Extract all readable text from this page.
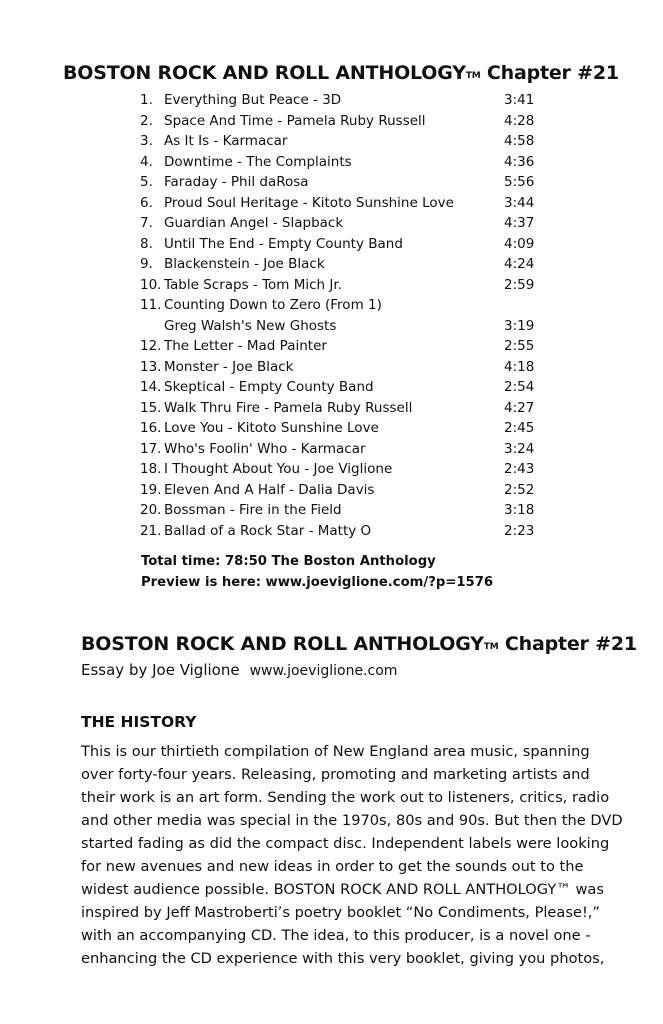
BOSTON ROCK AND ROLL ANTHOLOGYTM Chapter #21
1. Everything But Peace - 3D	3:41
2. Space And Time - Pamela Ruby Russell	4:28
3. As It Is - Karmacar	4:58
4. Downtime - The Complaints	4:36
5. Faraday - Phil daRosa	5:56
6. Proud Soul Heritage - Kitoto Sunshine Love	3:44
7. Guardian Angel - Slapback	4:37
8. Until The End - Empty County Band	4:09
9. Blackenstein - Joe Black	4:24
10. Table Scraps - Tom Mich Jr.	2:59
11. Counting Down to Zero (From 1)
Greg Walsh's New Ghosts	3:19
12. The Letter - Mad Painter	2:55
13. Monster - Joe Black	4:18
14. Skeptical - Empty County Band	2:54
15. Walk Thru Fire - Pamela Ruby Russell	4:27
16. Love You - Kitoto Sunshine Love	2:45
17. Who's Foolin' Who - Karmacar	3:24
18. I Thought About You - Joe Viglione	2:43
19. Eleven And A Half - Dalia Davis	2:52
20. Bossman - Fire in the Field	3:18
21. Ballad of a Rock Star - Matty O	2:23
Total time: 78:50 The Boston Anthology
Preview is here: www.joeviglione.com/?p=1576
BOSTON ROCK AND ROLL ANTHOLOGYTM Chapter #21
Essay by Joe Viglione www.joeviglione.com
THE HISTORY
This is our thirtieth compilation of New England area music, spanning
over forty-four years. Releasing, promoting and marketing artists and
their work is an art form. Sending the work out to listeners, critics, radio
and other media was special in the 1970s, 80s and 90s. But then the DVD
started fading as did the compact disc. Independent labels were looking
for new avenues and new ideas in order to get the sounds out to the
widest audience possible. BOSTON ROCK AND ROLL ANTHOLOGY™ was
inspired by Jeff Mastroberti’s poetry booklet “No Condiments, Please!,”
with an accompanying CD. The idea, to this producer, is a novel one -
enhancing the CD experience with this very booklet, giving you photos,
